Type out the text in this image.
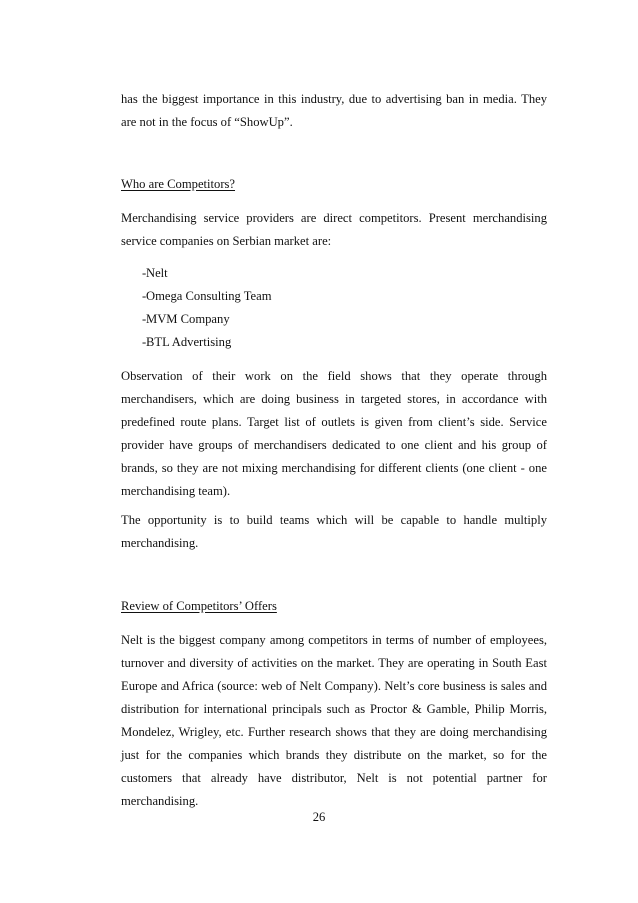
has the biggest importance in this industry, due to advertising ban in media. They are not in the focus of “ShowUp”.

Who are Competitors?

Merchandising service providers are direct competitors. Present merchandising service companies on Serbian market are:

- Nelt
- Omega Consulting Team
- MVM Company
- BTL Advertising

Observation of their work on the field shows that they operate through merchandisers, which are doing business in targeted stores, in accordance with predefined route plans. Target list of outlets is given from client’s side. Service provider have groups of merchandisers dedicated to one client and his group of brands, so they are not mixing merchandising for different clients (one client - one merchandising team).

The opportunity is to build teams which will be capable to handle multiply merchandising.

Review of Competitors’ Offers

Nelt is the biggest company among competitors in terms of number of employees, turnover and diversity of activities on the market. They are operating in South East Europe and Africa (source: web of Nelt Company). Nelt’s core business is sales and distribution for international principals such as Proctor & Gamble, Philip Morris, Mondelez, Wrigley, etc. Further research shows that they are doing merchandising just for the companies which brands they distribute on the market, so for the customers that already have distributor, Nelt is not potential partner for merchandising.

26
